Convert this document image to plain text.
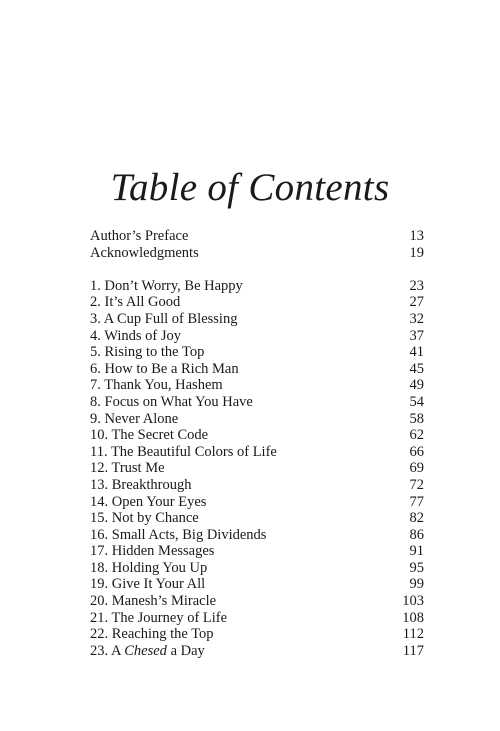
Table of Contents
Author’s Preface	13
Acknowledgments	19
1. Don’t Worry, Be Happy	23
2. It’s All Good	27
3. A Cup Full of Blessing	32
4. Winds of Joy	37
5. Rising to the Top	41
6. How to Be a Rich Man	45
7. Thank You, Hashem	49
8. Focus on What You Have	54
9. Never Alone	58
10. The Secret Code	62
11. The Beautiful Colors of Life	66
12. Trust Me	69
13. Breakthrough	72
14. Open Your Eyes	77
15. Not by Chance	82
16. Small Acts, Big Dividends	86
17. Hidden Messages	91
18. Holding You Up	95
19. Give It Your All	99
20. Manesh’s Miracle	103
21. The Journey of Life	108
22. Reaching the Top	112
23. A Chesed a Day	117
